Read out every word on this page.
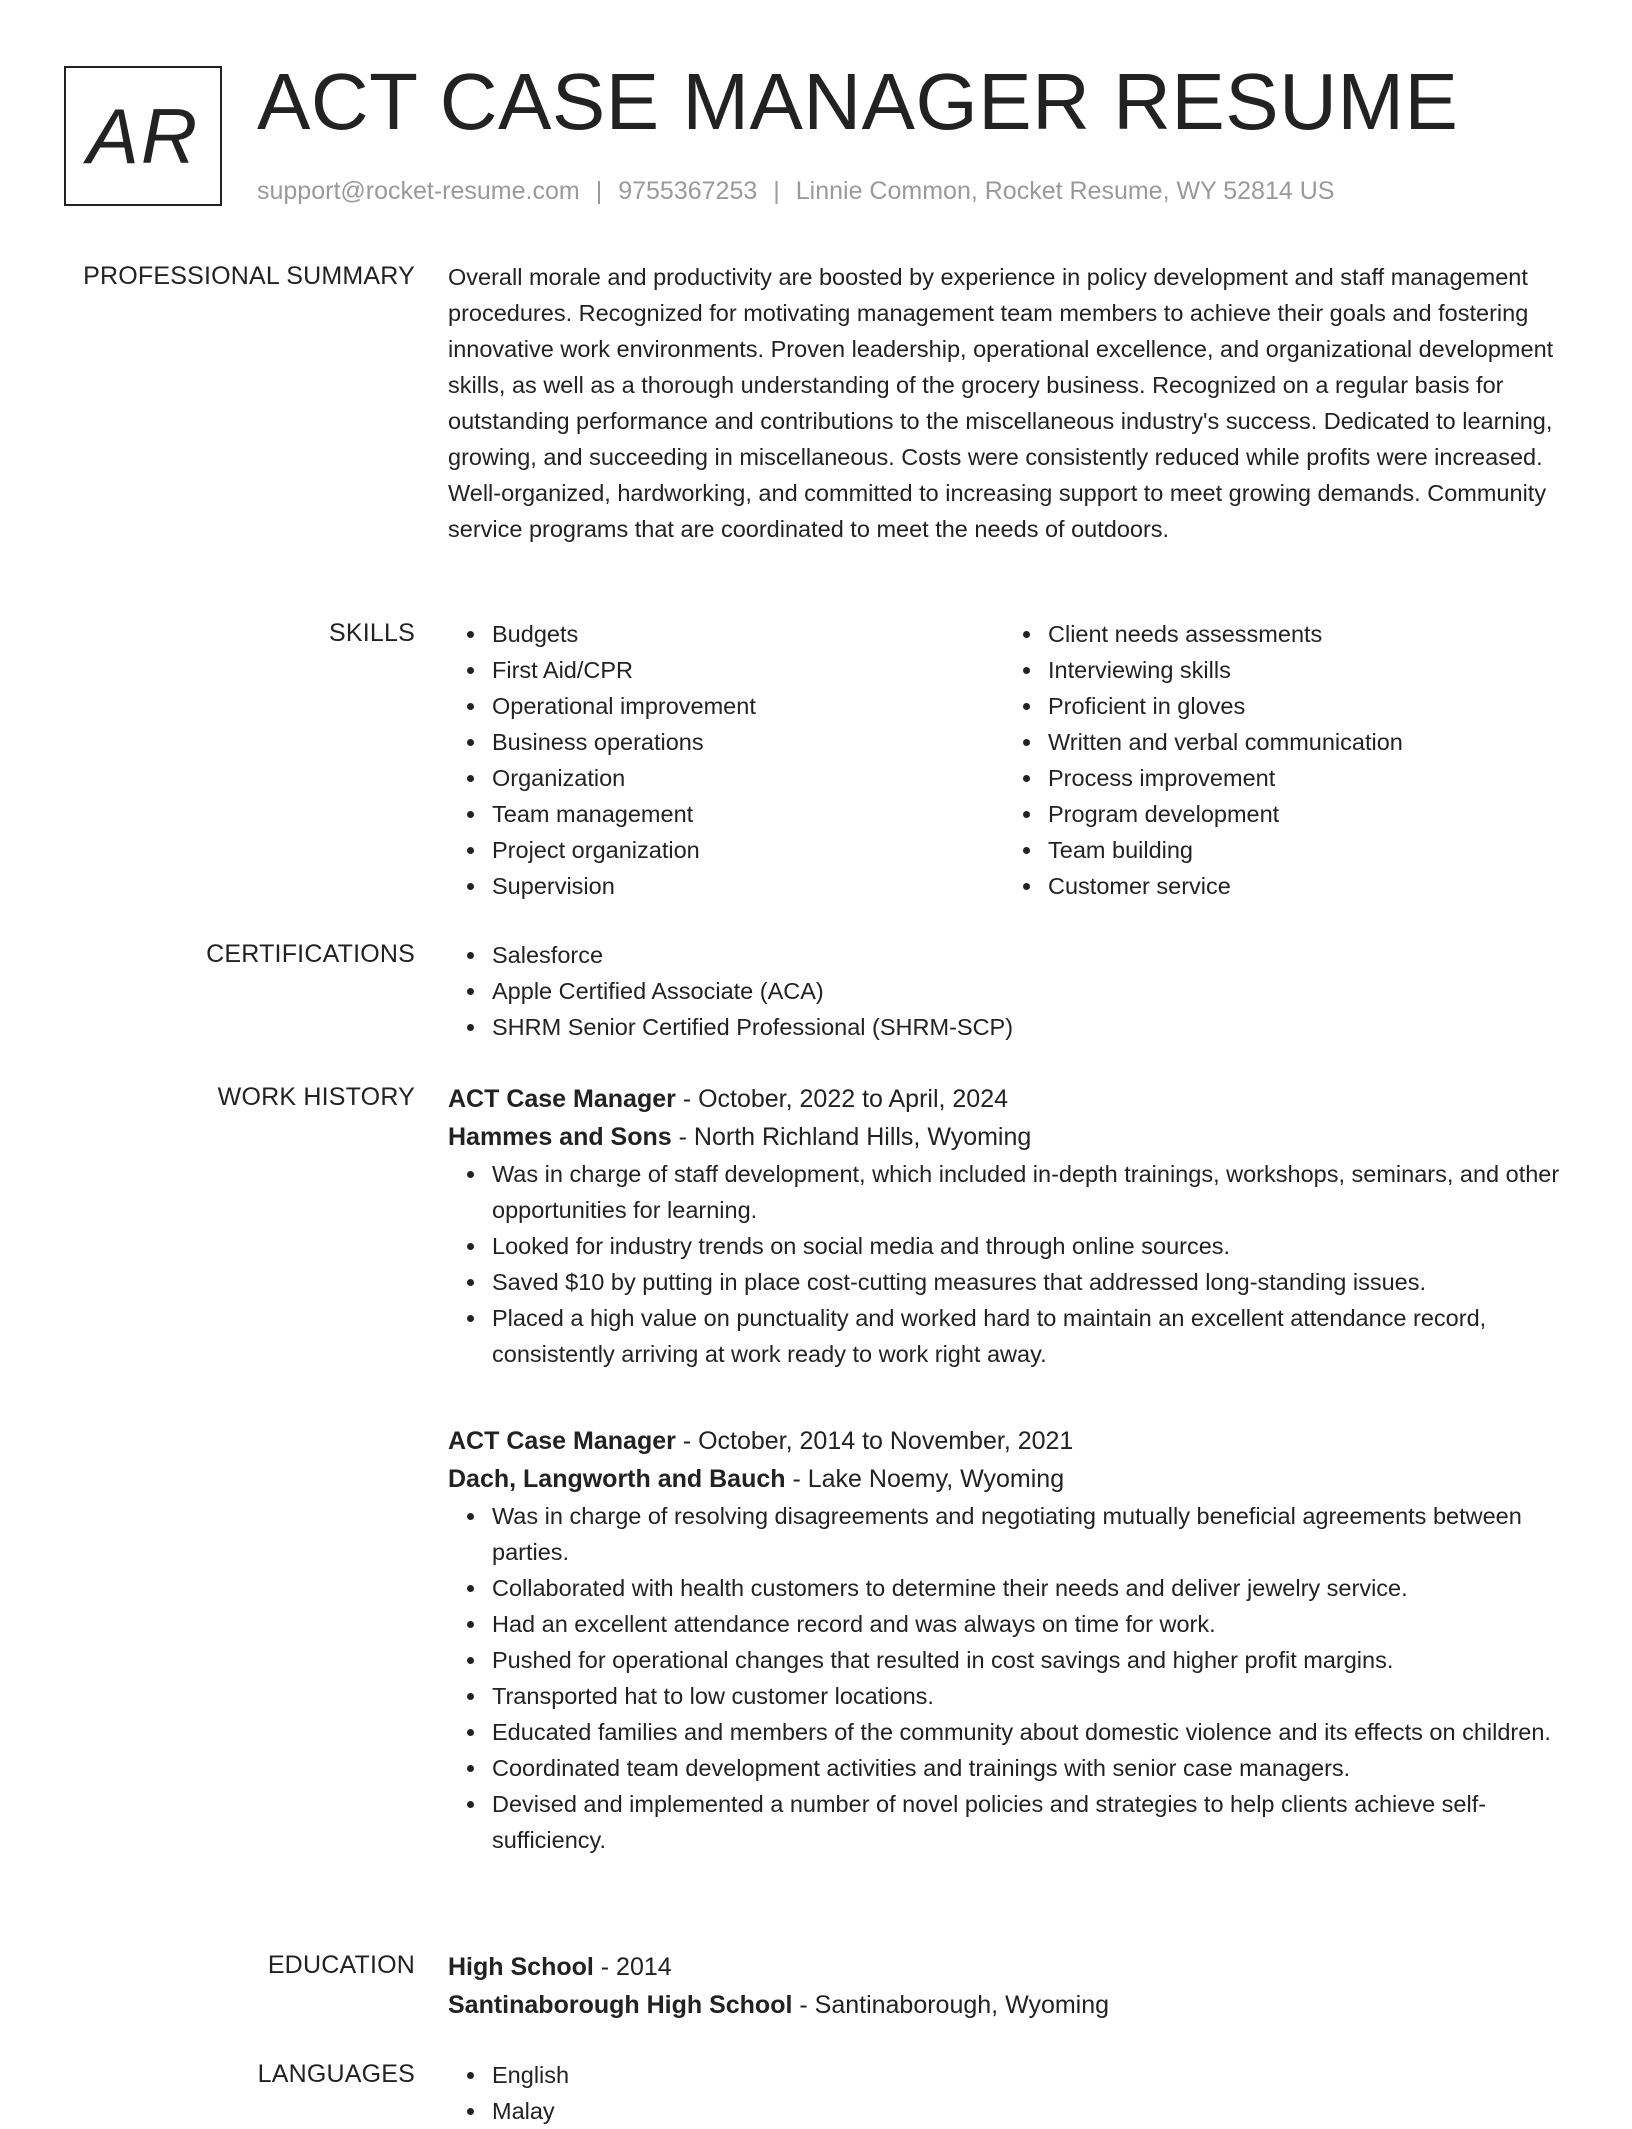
AR ACT CASE MANAGER RESUME
support@rocket-resume.com | 9755367253 | Linnie Common, Rocket Resume, WY 52814 US
PROFESSIONAL SUMMARY Overall morale and productivity are boosted by experience in policy development and staff management procedures. Recognized for motivating management team members to achieve their goals and fostering innovative work environments. Proven leadership, operational excellence, and organizational development skills, as well as a thorough understanding of the grocery business. Recognized on a regular basis for outstanding performance and contributions to the miscellaneous industry's success. Dedicated to learning, growing, and succeeding in miscellaneous. Costs were consistently reduced while profits were increased. Well-organized, hardworking, and committed to increasing support to meet growing demands. Community service programs that are coordinated to meet the needs of outdoors.
SKILLS	Budgets
First Aid/CPR
Operational improvement
Business operations
Organization
Team management
Project organization
Supervision
Client needs assessments
Interviewing skills
Proficient in gloves
Written and verbal communication
Process improvement
Program development
Team building
Customer service
CERTIFICATIONS	Salesforce
Apple Certified Associate (ACA)
SHRM Senior Certified Professional (SHRM-SCP)
WORK HISTORY ACT Case Manager - October, 2022 to April, 2024
Hammes and Sons - North Richland Hills, Wyoming
Was in charge of staff development, which included in-depth trainings, workshops, seminars, and other opportunities for learning.
Looked for industry trends on social media and through online sources.
Saved $10 by putting in place cost-cutting measures that addressed long-standing issues.
Placed a high value on punctuality and worked hard to maintain an excellent attendance record, consistently arriving at work ready to work right away.
ACT Case Manager - October, 2014 to November, 2021
Dach, Langworth and Bauch - Lake Noemy, Wyoming
Was in charge of resolving disagreements and negotiating mutually beneficial agreements between parties.
Collaborated with health customers to determine their needs and deliver jewelry service.
Had an excellent attendance record and was always on time for work.
Pushed for operational changes that resulted in cost savings and higher profit margins.
Transported hat to low customer locations.
Educated families and members of the community about domestic violence and its effects on children.
Coordinated team development activities and trainings with senior case managers.
Devised and implemented a number of novel policies and strategies to help clients achieve self-sufficiency.
EDUCATION High School - 2014
Santinaborough High School - Santinaborough, Wyoming
LANGUAGES	English
Malay
